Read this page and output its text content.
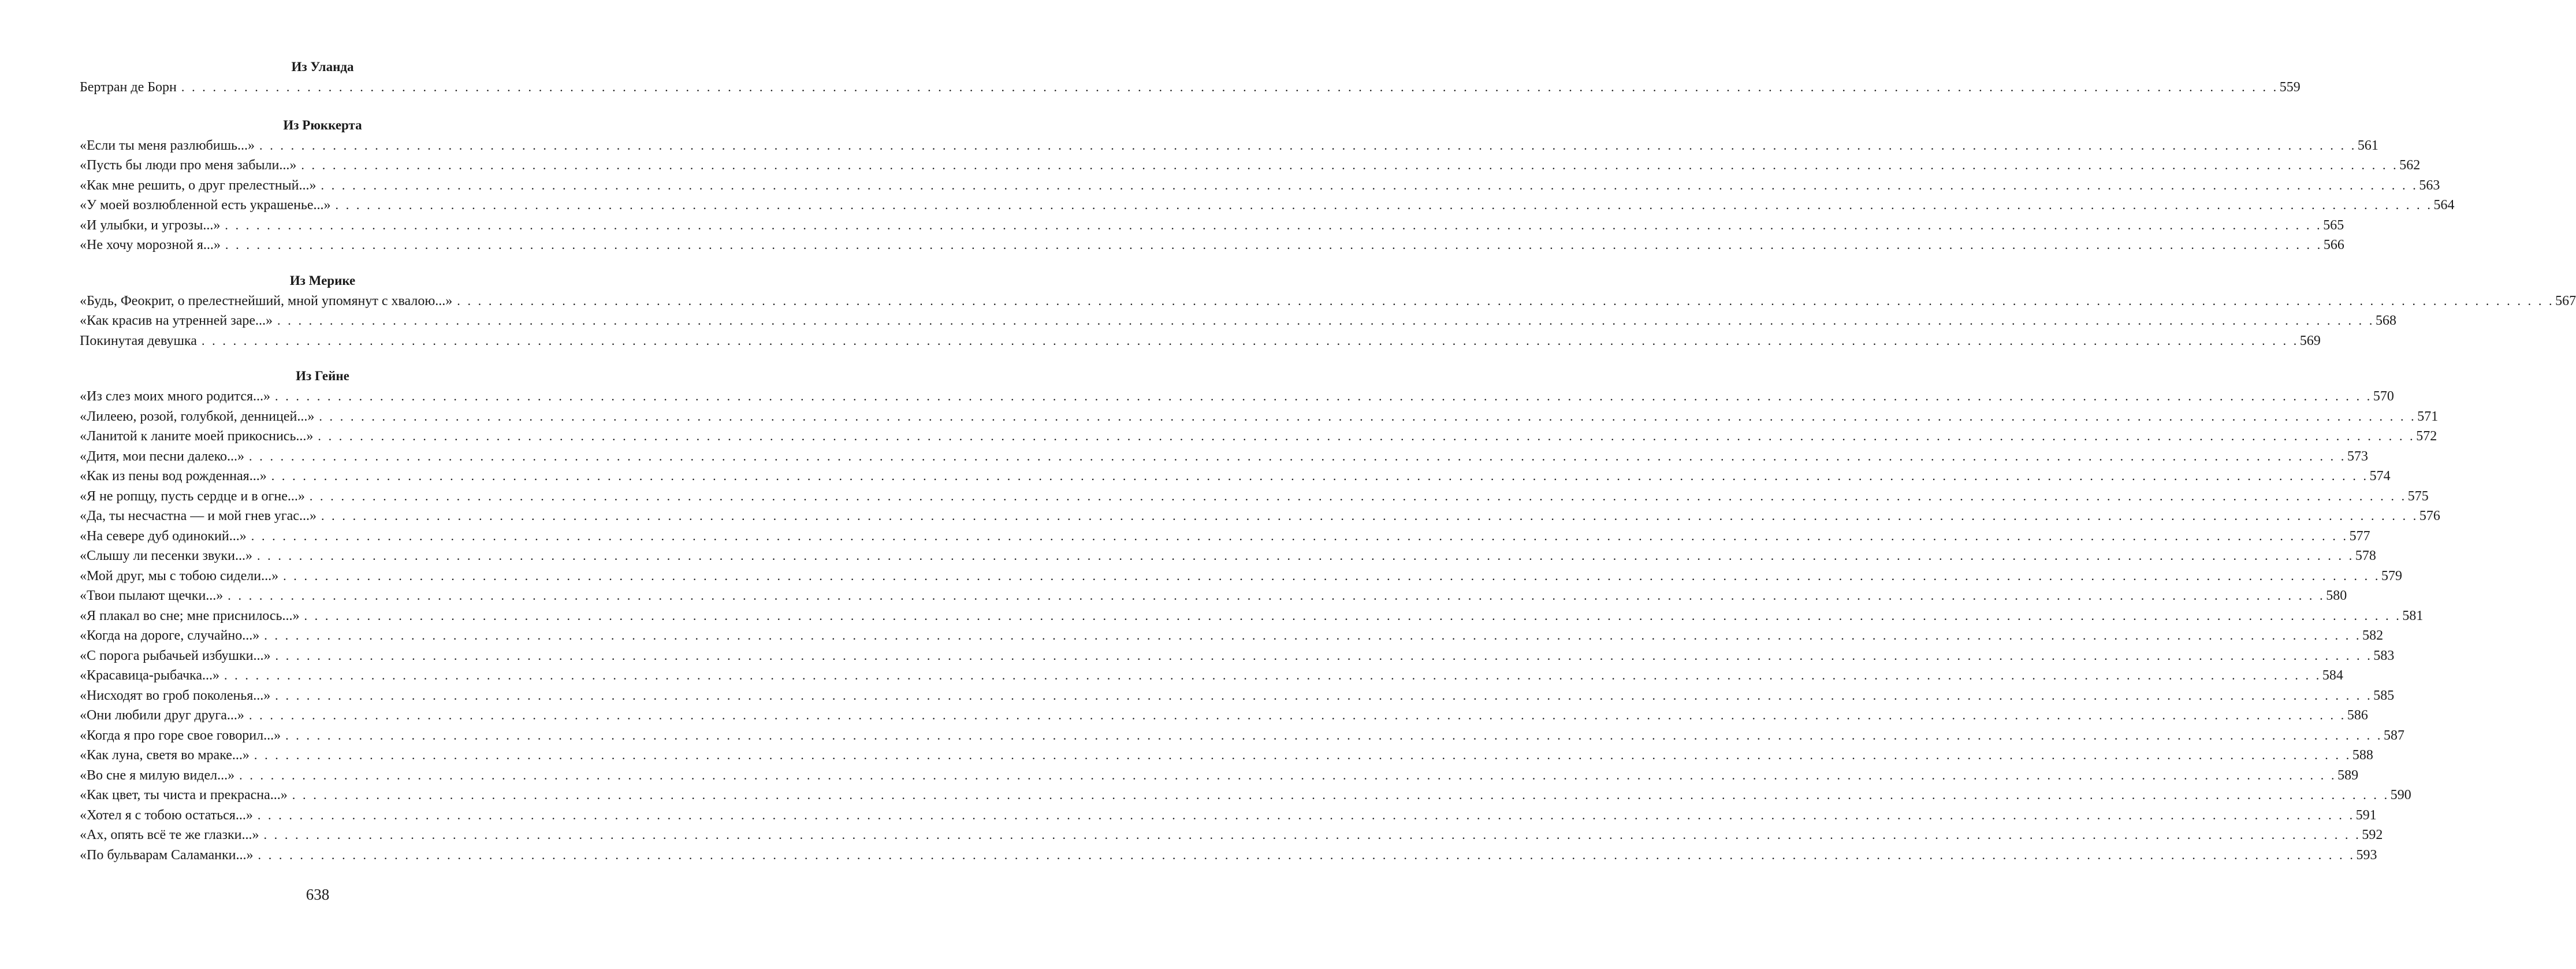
Из Уланда
Бертран де Борн . . . . . . . . . . . . . . . . . . . . . . . . . . . . . . . . . . . . . . . . . . . . . . . . . . . . . . . . . . . . . . . . . . . . . . . . . . . . . . . . . . . . . . . . . . . . . . . . . . . . . . . . . . . . . . . . . . . . . . . . . . . . . . . . . . . . . . . . . . . . . . . . . . . . . . . . . . . . . . . . . . . . . . . . . . . . . . . . . . . . . . . . . . . . . . . . . . . . . . . . 559
Из Рюккерта
«Если ты меня разлюбишь...» . . . . . . . . . . . . . . . . . . . . . . . . . . . . . . . . . . . . . . . . . . . . . . . . . . . . . . . . . . . . . . . . . . . . . . . . . . . . . . . . . . . . . . . . . . . . . . . . . . . . . . . . . . . . . . . . . . . . . . . . . . . . . . . . . . . . . . . . . . . . . . . . . . . . . . . . . . . . . . . . . . . . . . . . . . . . . . . . . . . . . . . . . . . . . . . . . . . . . . . . 561
«Пусть бы люди про меня забыли...» . . . . . . . . . . . . . . . . . . . . . . . . . . . . . . . . . . . . . . . . . . . . . . . . . . . . . . . . . . . . . . . . . . . . . . . . . . . . . . . . . . . . . . . . . . . . . . . . . . . . . . . . . . . . . . . . . . . . . . . . . . . . . . . . . . . . . . . . . . . . . . . . . . . . . . . . . . . . . . . . . . . . . . . . . . . . . . . . . . . . . . . . . . . . . . . . . . . . . . . . 562
«Как мне решить, о друг прелестный...» . . . . . . . . . . . . . . . . . . . . . . . . . . . . . . . . . . . . . . . . . . . . . . . . . . . . . . . . . . . . . . . . . . . . . . . . . . . . . . . . . . . . . . . . . . . . . . . . . . . . . . . . . . . . . . . . . . . . . . . . . . . . . . . . . . . . . . . . . . . . . . . . . . . . . . . . . . . . . . . . . . . . . . . . . . . . . . . . . . . . . . . . . . . . . . . . . . . . . . . . 563
«У моей возлюбленной есть украшенье...» . . . . . . . . . . . . . . . . . . . . . . . . . . . . . . . . . . . . . . . . . . . . . . . . . . . . . . . . . . . . . . . . . . . . . . . . . . . . . . . . . . . . . . . . . . . . . . . . . . . . . . . . . . . . . . . . . . . . . . . . . . . . . . . . . . . . . . . . . . . . . . . . . . . . . . . . . . . . . . . . . . . . . . . . . . . . . . . . . . . . . . . . . . . . . . . . . . . . . . . . 564
«И улыбки, и угрозы...» . . . . . . . . . . . . . . . . . . . . . . . . . . . . . . . . . . . . . . . . . . . . . . . . . . . . . . . . . . . . . . . . . . . . . . . . . . . . . . . . . . . . . . . . . . . . . . . . . . . . . . . . . . . . . . . . . . . . . . . . . . . . . . . . . . . . . . . . . . . . . . . . . . . . . . . . . . . . . . . . . . . . . . . . . . . . . . . . . . . . . . . . . . . . . . . . . . . . . . . . 565
«Не хочу морозной я...» . . . . . . . . . . . . . . . . . . . . . . . . . . . . . . . . . . . . . . . . . . . . . . . . . . . . . . . . . . . . . . . . . . . . . . . . . . . . . . . . . . . . . . . . . . . . . . . . . . . . . . . . . . . . . . . . . . . . . . . . . . . . . . . . . . . . . . . . . . . . . . . . . . . . . . . . . . . . . . . . . . . . . . . . . . . . . . . . . . . . . . . . . . . . . . . . . . . . . . . . 566
Из Мерике
«Будь, Феокрит, о прелестнейший, мной упомянут с хвалою...» . . . . . . . . . . . . . . . . . . . . . . . . . . . . . . . . . . . . . . . . . . . . . . . . . . . . . . . . . . . . . . . . . . . . . . . . . . . . . . . . . . . . . . . . . . . . . . . . . . . . . . . . . . . . . . . . . . . . . . . . . . . . . . . . . . . . . . . . . . . . . . . . . . . . . . . . . . . . . . . . . . . . . . . . . . . . . . . . . . . . . . . . . . . . . . . . . . . . . . . . 567
«Как красив на утренней заре...» . . . . . . . . . . . . . . . . . . . . . . . . . . . . . . . . . . . . . . . . . . . . . . . . . . . . . . . . . . . . . . . . . . . . . . . . . . . . . . . . . . . . . . . . . . . . . . . . . . . . . . . . . . . . . . . . . . . . . . . . . . . . . . . . . . . . . . . . . . . . . . . . . . . . . . . . . . . . . . . . . . . . . . . . . . . . . . . . . . . . . . . . . . . . . . . . . . . . . . . . 568
Покинутая девушка . . . . . . . . . . . . . . . . . . . . . . . . . . . . . . . . . . . . . . . . . . . . . . . . . . . . . . . . . . . . . . . . . . . . . . . . . . . . . . . . . . . . . . . . . . . . . . . . . . . . . . . . . . . . . . . . . . . . . . . . . . . . . . . . . . . . . . . . . . . . . . . . . . . . . . . . . . . . . . . . . . . . . . . . . . . . . . . . . . . . . . . . . . . . . . . . . . . . . . . . 569
Из Гейне
«Из слез моих много родится...» . . . . . . . . . . . . . . . . . . . . . . . . . . . . . . . . . . . . . . . . . . . . . . . . . . . . . . . . . . . . . . . . . . . . . . . . . . . . . . . . . . . . . . . . . . . . . . . . . . . . . . . . . . . . . . . . . . . . . . . . . . . . . . . . . . . . . . . . . . . . . . . . . . . . . . . . . . . . . . . . . . . . . . . . . . . . . . . . . . . . . . . . . . . . . . . . . . . . . . . . 570
«Лилеею, розой, голубкой, денницей...» . . . . . . . . . . . . . . . . . . . . . . . . . . . . . . . . . . . . . . . . . . . . . . . . . . . . . . . . . . . . . . . . . . . . . . . . . . . . . . . . . . . . . . . . . . . . . . . . . . . . . . . . . . . . . . . . . . . . . . . . . . . . . . . . . . . . . . . . . . . . . . . . . . . . . . . . . . . . . . . . . . . . . . . . . . . . . . . . . . . . . . . . . . . . . . . . . . . . . . . . 571
«Ланитой к ланите моей прикоснись...» . . . . . . . . . . . . . . . . . . . . . . . . . . . . . . . . . . . . . . . . . . . . . . . . . . . . . . . . . . . . . . . . . . . . . . . . . . . . . . . . . . . . . . . . . . . . . . . . . . . . . . . . . . . . . . . . . . . . . . . . . . . . . . . . . . . . . . . . . . . . . . . . . . . . . . . . . . . . . . . . . . . . . . . . . . . . . . . . . . . . . . . . . . . . . . . . . . . . . . . . 572
«Дитя, мои песни далеко...» . . . . . . . . . . . . . . . . . . . . . . . . . . . . . . . . . . . . . . . . . . . . . . . . . . . . . . . . . . . . . . . . . . . . . . . . . . . . . . . . . . . . . . . . . . . . . . . . . . . . . . . . . . . . . . . . . . . . . . . . . . . . . . . . . . . . . . . . . . . . . . . . . . . . . . . . . . . . . . . . . . . . . . . . . . . . . . . . . . . . . . . . . . . . . . . . . . . . . . . . 573
«Как из пены вод рожденная...» . . . . . . . . . . . . . . . . . . . . . . . . . . . . . . . . . . . . . . . . . . . . . . . . . . . . . . . . . . . . . . . . . . . . . . . . . . . . . . . . . . . . . . . . . . . . . . . . . . . . . . . . . . . . . . . . . . . . . . . . . . . . . . . . . . . . . . . . . . . . . . . . . . . . . . . . . . . . . . . . . . . . . . . . . . . . . . . . . . . . . . . . . . . . . . . . . . . . . . . . 574
«Я не ропщу, пусть сердце и в огне...» . . . . . . . . . . . . . . . . . . . . . . . . . . . . . . . . . . . . . . . . . . . . . . . . . . . . . . . . . . . . . . . . . . . . . . . . . . . . . . . . . . . . . . . . . . . . . . . . . . . . . . . . . . . . . . . . . . . . . . . . . . . . . . . . . . . . . . . . . . . . . . . . . . . . . . . . . . . . . . . . . . . . . . . . . . . . . . . . . . . . . . . . . . . . . . . . . . . . . . . . 575
«Да, ты несчастна — и мой гнев угас...» . . . . . . . . . . . . . . . . . . . . . . . . . . . . . . . . . . . . . . . . . . . . . . . . . . . . . . . . . . . . . . . . . . . . . . . . . . . . . . . . . . . . . . . . . . . . . . . . . . . . . . . . . . . . . . . . . . . . . . . . . . . . . . . . . . . . . . . . . . . . . . . . . . . . . . . . . . . . . . . . . . . . . . . . . . . . . . . . . . . . . . . . . . . . . . . . . . . . . . . . 576
«На севере дуб одинокий...» . . . . . . . . . . . . . . . . . . . . . . . . . . . . . . . . . . . . . . . . . . . . . . . . . . . . . . . . . . . . . . . . . . . . . . . . . . . . . . . . . . . . . . . . . . . . . . . . . . . . . . . . . . . . . . . . . . . . . . . . . . . . . . . . . . . . . . . . . . . . . . . . . . . . . . . . . . . . . . . . . . . . . . . . . . . . . . . . . . . . . . . . . . . . . . . . . . . . . . . . 577
«Слышу ли песенки звуки...» . . . . . . . . . . . . . . . . . . . . . . . . . . . . . . . . . . . . . . . . . . . . . . . . . . . . . . . . . . . . . . . . . . . . . . . . . . . . . . . . . . . . . . . . . . . . . . . . . . . . . . . . . . . . . . . . . . . . . . . . . . . . . . . . . . . . . . . . . . . . . . . . . . . . . . . . . . . . . . . . . . . . . . . . . . . . . . . . . . . . . . . . . . . . . . . . . . . . . . . . 578
«Мой друг, мы с тобою сидели...» . . . . . . . . . . . . . . . . . . . . . . . . . . . . . . . . . . . . . . . . . . . . . . . . . . . . . . . . . . . . . . . . . . . . . . . . . . . . . . . . . . . . . . . . . . . . . . . . . . . . . . . . . . . . . . . . . . . . . . . . . . . . . . . . . . . . . . . . . . . . . . . . . . . . . . . . . . . . . . . . . . . . . . . . . . . . . . . . . . . . . . . . . . . . . . . . . . . . . . . . 579
«Твои пылают щечки...» . . . . . . . . . . . . . . . . . . . . . . . . . . . . . . . . . . . . . . . . . . . . . . . . . . . . . . . . . . . . . . . . . . . . . . . . . . . . . . . . . . . . . . . . . . . . . . . . . . . . . . . . . . . . . . . . . . . . . . . . . . . . . . . . . . . . . . . . . . . . . . . . . . . . . . . . . . . . . . . . . . . . . . . . . . . . . . . . . . . . . . . . . . . . . . . . . . . . . . . . 580
«Я плакал во сне; мне приснилось...» . . . . . . . . . . . . . . . . . . . . . . . . . . . . . . . . . . . . . . . . . . . . . . . . . . . . . . . . . . . . . . . . . . . . . . . . . . . . . . . . . . . . . . . . . . . . . . . . . . . . . . . . . . . . . . . . . . . . . . . . . . . . . . . . . . . . . . . . . . . . . . . . . . . . . . . . . . . . . . . . . . . . . . . . . . . . . . . . . . . . . . . . . . . . . . . . . . . . . . . . 581
«Когда на дороге, случайно...» . . . . . . . . . . . . . . . . . . . . . . . . . . . . . . . . . . . . . . . . . . . . . . . . . . . . . . . . . . . . . . . . . . . . . . . . . . . . . . . . . . . . . . . . . . . . . . . . . . . . . . . . . . . . . . . . . . . . . . . . . . . . . . . . . . . . . . . . . . . . . . . . . . . . . . . . . . . . . . . . . . . . . . . . . . . . . . . . . . . . . . . . . . . . . . . . . . . . . . . . 582
«С порога рыбачьей избушки...» . . . . . . . . . . . . . . . . . . . . . . . . . . . . . . . . . . . . . . . . . . . . . . . . . . . . . . . . . . . . . . . . . . . . . . . . . . . . . . . . . . . . . . . . . . . . . . . . . . . . . . . . . . . . . . . . . . . . . . . . . . . . . . . . . . . . . . . . . . . . . . . . . . . . . . . . . . . . . . . . . . . . . . . . . . . . . . . . . . . . . . . . . . . . . . . . . . . . . . . . 583
«Красавица-рыбачка...» . . . . . . . . . . . . . . . . . . . . . . . . . . . . . . . . . . . . . . . . . . . . . . . . . . . . . . . . . . . . . . . . . . . . . . . . . . . . . . . . . . . . . . . . . . . . . . . . . . . . . . . . . . . . . . . . . . . . . . . . . . . . . . . . . . . . . . . . . . . . . . . . . . . . . . . . . . . . . . . . . . . . . . . . . . . . . . . . . . . . . . . . . . . . . . . . . . . . . . . . 584
«Нисходят во гроб поколенья...» . . . . . . . . . . . . . . . . . . . . . . . . . . . . . . . . . . . . . . . . . . . . . . . . . . . . . . . . . . . . . . . . . . . . . . . . . . . . . . . . . . . . . . . . . . . . . . . . . . . . . . . . . . . . . . . . . . . . . . . . . . . . . . . . . . . . . . . . . . . . . . . . . . . . . . . . . . . . . . . . . . . . . . . . . . . . . . . . . . . . . . . . . . . . . . . . . . . . . . . . 585
«Они любили друг друга...» . . . . . . . . . . . . . . . . . . . . . . . . . . . . . . . . . . . . . . . . . . . . . . . . . . . . . . . . . . . . . . . . . . . . . . . . . . . . . . . . . . . . . . . . . . . . . . . . . . . . . . . . . . . . . . . . . . . . . . . . . . . . . . . . . . . . . . . . . . . . . . . . . . . . . . . . . . . . . . . . . . . . . . . . . . . . . . . . . . . . . . . . . . . . . . . . . . . . . . . . 586
«Когда я про горе свое говорил...» . . . . . . . . . . . . . . . . . . . . . . . . . . . . . . . . . . . . . . . . . . . . . . . . . . . . . . . . . . . . . . . . . . . . . . . . . . . . . . . . . . . . . . . . . . . . . . . . . . . . . . . . . . . . . . . . . . . . . . . . . . . . . . . . . . . . . . . . . . . . . . . . . . . . . . . . . . . . . . . . . . . . . . . . . . . . . . . . . . . . . . . . . . . . . . . . . . . . . . . . 587
«Как луна, светя во мраке...» . . . . . . . . . . . . . . . . . . . . . . . . . . . . . . . . . . . . . . . . . . . . . . . . . . . . . . . . . . . . . . . . . . . . . . . . . . . . . . . . . . . . . . . . . . . . . . . . . . . . . . . . . . . . . . . . . . . . . . . . . . . . . . . . . . . . . . . . . . . . . . . . . . . . . . . . . . . . . . . . . . . . . . . . . . . . . . . . . . . . . . . . . . . . . . . . . . . . . . . . 588
«Во сне я милую видел...» . . . . . . . . . . . . . . . . . . . . . . . . . . . . . . . . . . . . . . . . . . . . . . . . . . . . . . . . . . . . . . . . . . . . . . . . . . . . . . . . . . . . . . . . . . . . . . . . . . . . . . . . . . . . . . . . . . . . . . . . . . . . . . . . . . . . . . . . . . . . . . . . . . . . . . . . . . . . . . . . . . . . . . . . . . . . . . . . . . . . . . . . . . . . . . . . . . . . . . . . 589
«Как цвет, ты чиста и прекрасна...» . . . . . . . . . . . . . . . . . . . . . . . . . . . . . . . . . . . . . . . . . . . . . . . . . . . . . . . . . . . . . . . . . . . . . . . . . . . . . . . . . . . . . . . . . . . . . . . . . . . . . . . . . . . . . . . . . . . . . . . . . . . . . . . . . . . . . . . . . . . . . . . . . . . . . . . . . . . . . . . . . . . . . . . . . . . . . . . . . . . . . . . . . . . . . . . . . . . . . . . . 590
«Хотел я с тобою остаться...» . . . . . . . . . . . . . . . . . . . . . . . . . . . . . . . . . . . . . . . . . . . . . . . . . . . . . . . . . . . . . . . . . . . . . . . . . . . . . . . . . . . . . . . . . . . . . . . . . . . . . . . . . . . . . . . . . . . . . . . . . . . . . . . . . . . . . . . . . . . . . . . . . . . . . . . . . . . . . . . . . . . . . . . . . . . . . . . . . . . . . . . . . . . . . . . . . . . . . . . . 591
«Ах, опять всё те же глазки...» . . . . . . . . . . . . . . . . . . . . . . . . . . . . . . . . . . . . . . . . . . . . . . . . . . . . . . . . . . . . . . . . . . . . . . . . . . . . . . . . . . . . . . . . . . . . . . . . . . . . . . . . . . . . . . . . . . . . . . . . . . . . . . . . . . . . . . . . . . . . . . . . . . . . . . . . . . . . . . . . . . . . . . . . . . . . . . . . . . . . . . . . . . . . . . . . . . . . . . . . 592
«По бульварам Саламанки...» . . . . . . . . . . . . . . . . . . . . . . . . . . . . . . . . . . . . . . . . . . . . . . . . . . . . . . . . . . . . . . . . . . . . . . . . . . . . . . . . . . . . . . . . . . . . . . . . . . . . . . . . . . . . . . . . . . . . . . . . . . . . . . . . . . . . . . . . . . . . . . . . . . . . . . . . . . . . . . . . . . . . . . . . . . . . . . . . . . . . . . . . . . . . . . . . . . . . . . . . 593
638
